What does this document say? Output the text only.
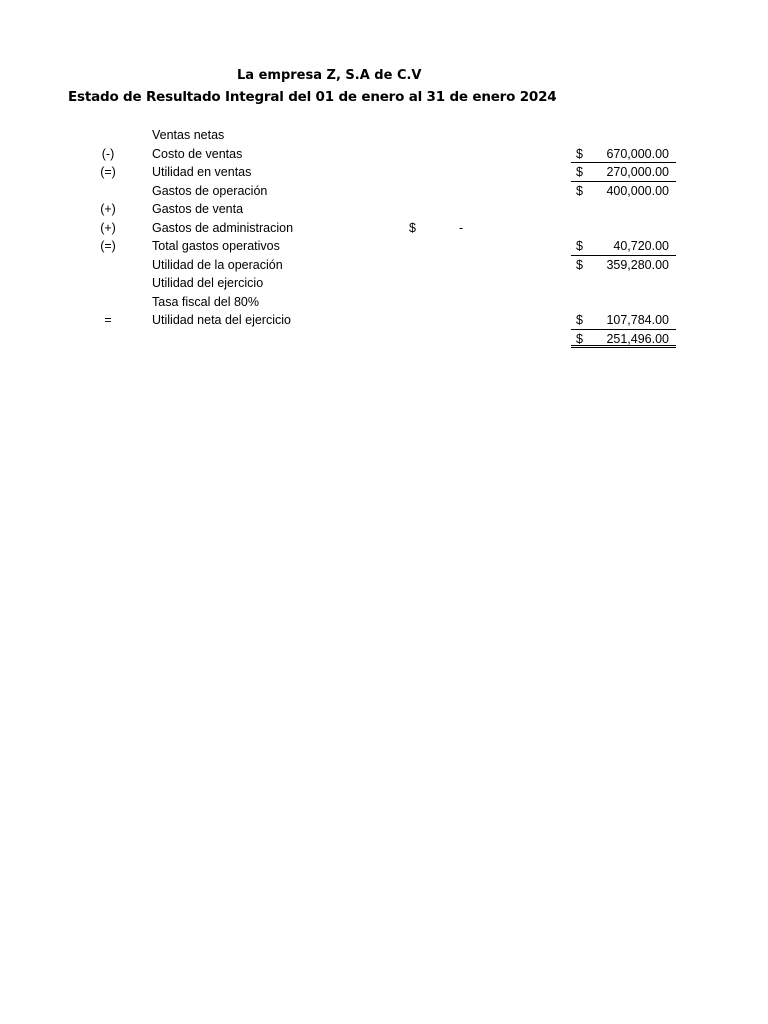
La empresa Z, S.A de C.V
Estado de Resultado Integral del 01 de enero al 31 de enero 2024
Ventas netas
(-)	Costo de ventas	$ 670,000.00
(=)	Utilidad en ventas	$ 270,000.00
Gastos de operación	$ 400,000.00
(+)	Gastos de venta
(+)	Gastos de administracion	$	-
(=)	Total gastos operativos	$ 40,720.00
Utilidad de la operación	$ 359,280.00
Utilidad del ejercicio
Tasa fiscal del 80%
=	Utilidad neta del ejercicio	$ 107,784.00
$ 251,496.00
